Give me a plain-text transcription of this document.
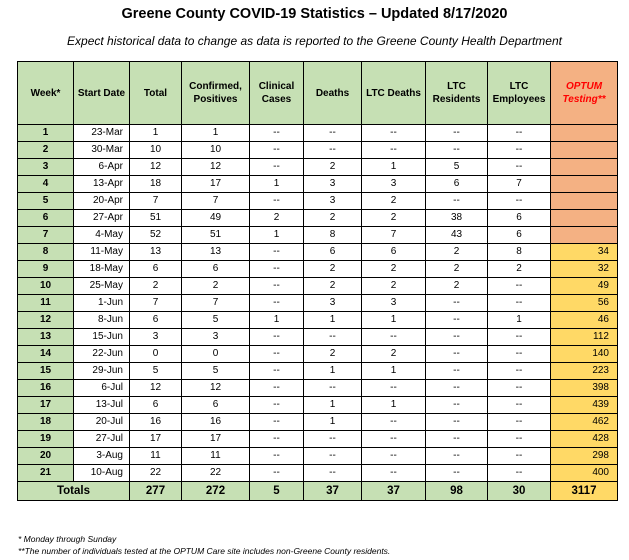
Greene County COVID-19 Statistics – Updated 8/17/2020
Expect historical data to change as data is reported to the Greene County Health Department
Week*	Start Date	Total	Confirmed, Positives	Clinical Cases	Deaths	LTC Deaths	LTC Residents	LTC Employees	OPTUM Testing**
1	23-Mar	1	1	--	--	--	--	--	
2	30-Mar	10	10	--	--	--	--	--	
3	6-Apr	12	12	--	2	1	5	--	
4	13-Apr	18	17	1	3	3	6	7	
5	20-Apr	7	7	--	3	2	--	--	
6	27-Apr	51	49	2	2	2	38	6	
7	4-May	52	51	1	8	7	43	6	
8	11-May	13	13	--	6	6	2	8	34
9	18-May	6	6	--	2	2	2	2	32
10	25-May	2	2	--	2	2	2	--	49
11	1-Jun	7	7	--	3	3	--	--	56
12	8-Jun	6	5	1	1	1	--	1	46
13	15-Jun	3	3	--	--	--	--	--	112
14	22-Jun	0	0	--	2	2	--	--	140
15	29-Jun	5	5	--	1	1	--	--	223
16	6-Jul	12	12	--	--	--	--	--	398
17	13-Jul	6	6	--	1	1	--	--	439
18	20-Jul	16	16	--	1	--	--	--	462
19	27-Jul	17	17	--	--	--	--	--	428
20	3-Aug	11	11	--	--	--	--	--	298
21	10-Aug	22	22	--	--	--	--	--	400
Totals		277	272	5	37	37	98	30	3117
* Monday through Sunday
**The number of individuals tested at the OPTUM Care site includes non-Greene County residents.
